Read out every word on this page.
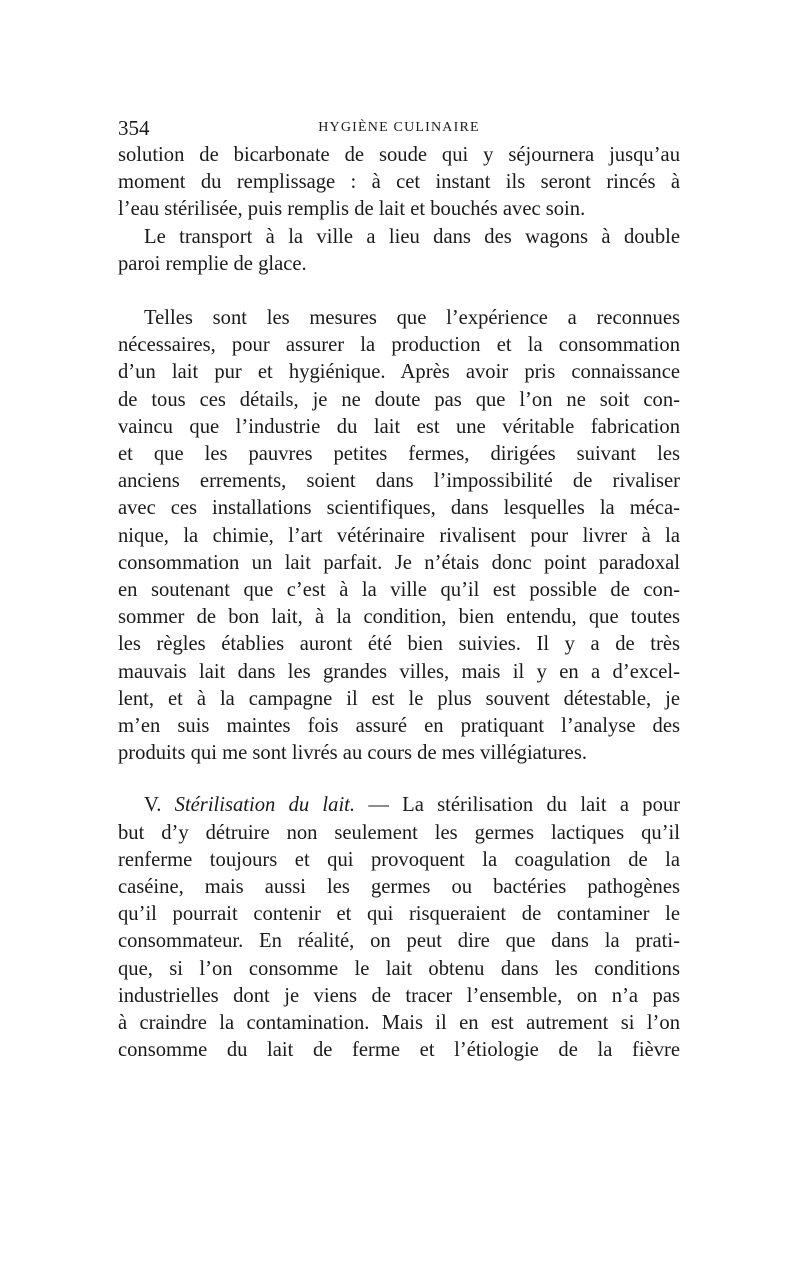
354	HYGIÈNE CULINAIRE
solution de bicarbonate de soude qui y séjournera jusqu’au
moment du remplissage : à cet instant ils seront rincés à
l’eau stérilisée, puis remplis de lait et bouchés avec soin.
Le transport à la ville a lieu dans des wagons à double
paroi remplie de glace.
Telles sont les mesures que l’expérience a reconnues
nécessaires, pour assurer la production et la consommation
d’un lait pur et hygiénique. Après avoir pris connaissance
de tous ces détails, je ne doute pas que l’on ne soit con-
vaincu que l’industrie du lait est une véritable fabrication
et que les pauvres petites fermes, dirigées suivant les
anciens errements, soient dans l’impossibilité de rivaliser
avec ces installations scientifiques, dans lesquelles la méca-
nique, la chimie, l’art vétérinaire rivalisent pour livrer à la
consommation un lait parfait. Je n’étais donc point paradoxal
en soutenant que c’est à la ville qu’il est possible de con-
sommer de bon lait, à la condition, bien entendu, que toutes
les règles établies auront été bien suivies. Il y a de très
mauvais lait dans les grandes villes, mais il y en a d’excel-
lent, et à la campagne il est le plus souvent détestable, je
m’en suis maintes fois assuré en pratiquant l’analyse des
produits qui me sont livrés au cours de mes villégiatures.
V. Stérilisation du lait. — La stérilisation du lait a pour
but d’y détruire non seulement les germes lactiques qu’il
renferme toujours et qui provoquent la coagulation de la
caséine, mais aussi les germes ou bactéries pathogènes
qu’il pourrait contenir et qui risqueraient de contaminer le
consommateur. En réalité, on peut dire que dans la prati-
que, si l’on consomme le lait obtenu dans les conditions
industrielles dont je viens de tracer l’ensemble, on n’a pas
à craindre la contamination. Mais il en est autrement si l’on
consomme du lait de ferme et l’étiologie de la fièvre
